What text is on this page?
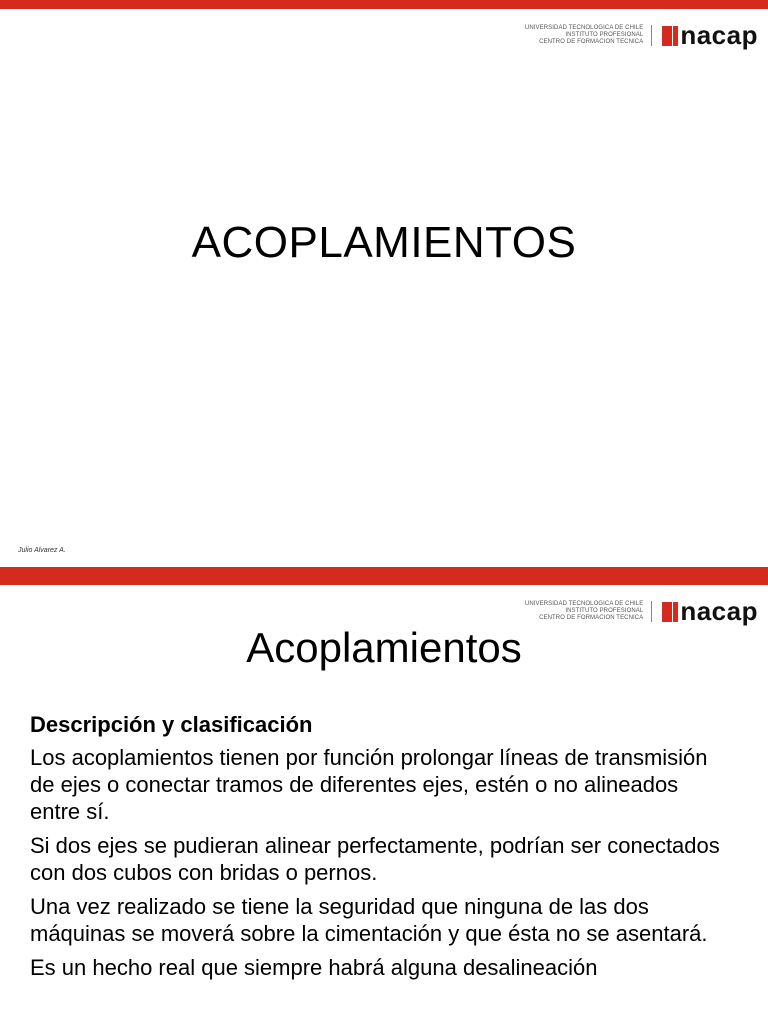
UNIVERSIDAD TECNOLOGICA DE CHILE
INSTITUTO PROFESIONAL
CENTRO DE FORMACION TECNICA nacap
ACOPLAMIENTOS
Julio Alvarez A.
UNIVERSIDAD TECNOLOGICA DE CHILE
INSTITUTO PROFESIONAL
CENTRO DE FORMACION TECNICA nacap
Acoplamientos
Descripción y clasificación

Los acoplamientos tienen por función prolongar líneas de transmisión de ejes o conectar tramos de diferentes ejes, estén o no alineados entre sí.

Si dos ejes se pudieran alinear perfectamente, podrían ser conectados con dos cubos con bridas o pernos.

Una vez realizado se tiene la seguridad que ninguna de las dos máquinas se moverá sobre la cimentación y que ésta no se asentará.

Es un hecho real que siempre habrá alguna desalineación
